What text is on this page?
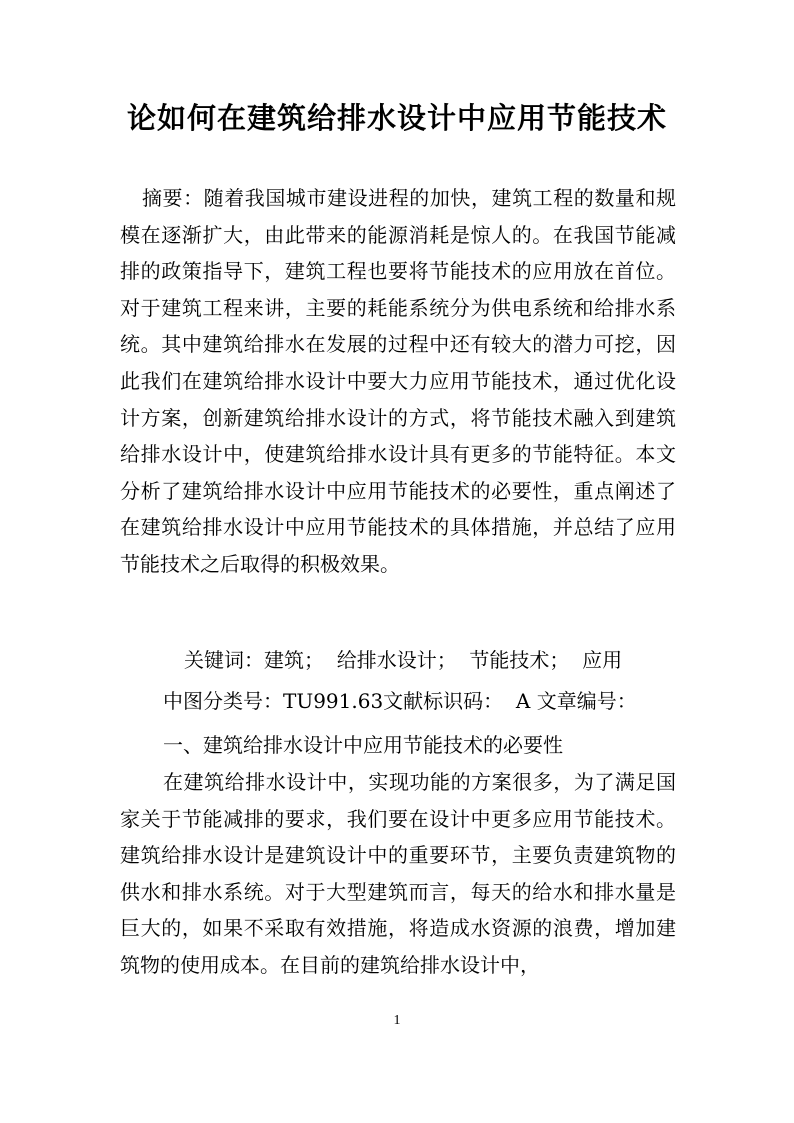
论如何在建筑给排水设计中应用节能技术
摘要：随着我国城市建设进程的加快，建筑工程的数量和规模在逐渐扩大，由此带来的能源消耗是惊人的。在我国节能减排的政策指导下，建筑工程也要将节能技术的应用放在首位。对于建筑工程来讲，主要的耗能系统分为供电系统和给排水系统。其中建筑给排水在发展的过程中还有较大的潜力可挖，因此我们在建筑给排水设计中要大力应用节能技术，通过优化设计方案，创新建筑给排水设计的方式，将节能技术融入到建筑给排水设计中，使建筑给排水设计具有更多的节能特征。本文分析了建筑给排水设计中应用节能技术的必要性，重点阐述了在建筑给排水设计中应用节能技术的具体措施，并总结了应用节能技术之后取得的积极效果。
关键词：建筑；  给排水设计；  节能技术；  应用
中图分类号：TU991.63文献标识码：  A 文章编号：
一、建筑给排水设计中应用节能技术的必要性
在建筑给排水设计中，实现功能的方案很多，为了满足国家关于节能减排的要求，我们要在设计中更多应用节能技术。建筑给排水设计是建筑设计中的重要环节，主要负责建筑物的供水和排水系统。对于大型建筑而言，每天的给水和排水量是巨大的，如果不采取有效措施，将造成水资源的浪费，增加建筑物的使用成本。在目前的建筑给排水设计中，
1
